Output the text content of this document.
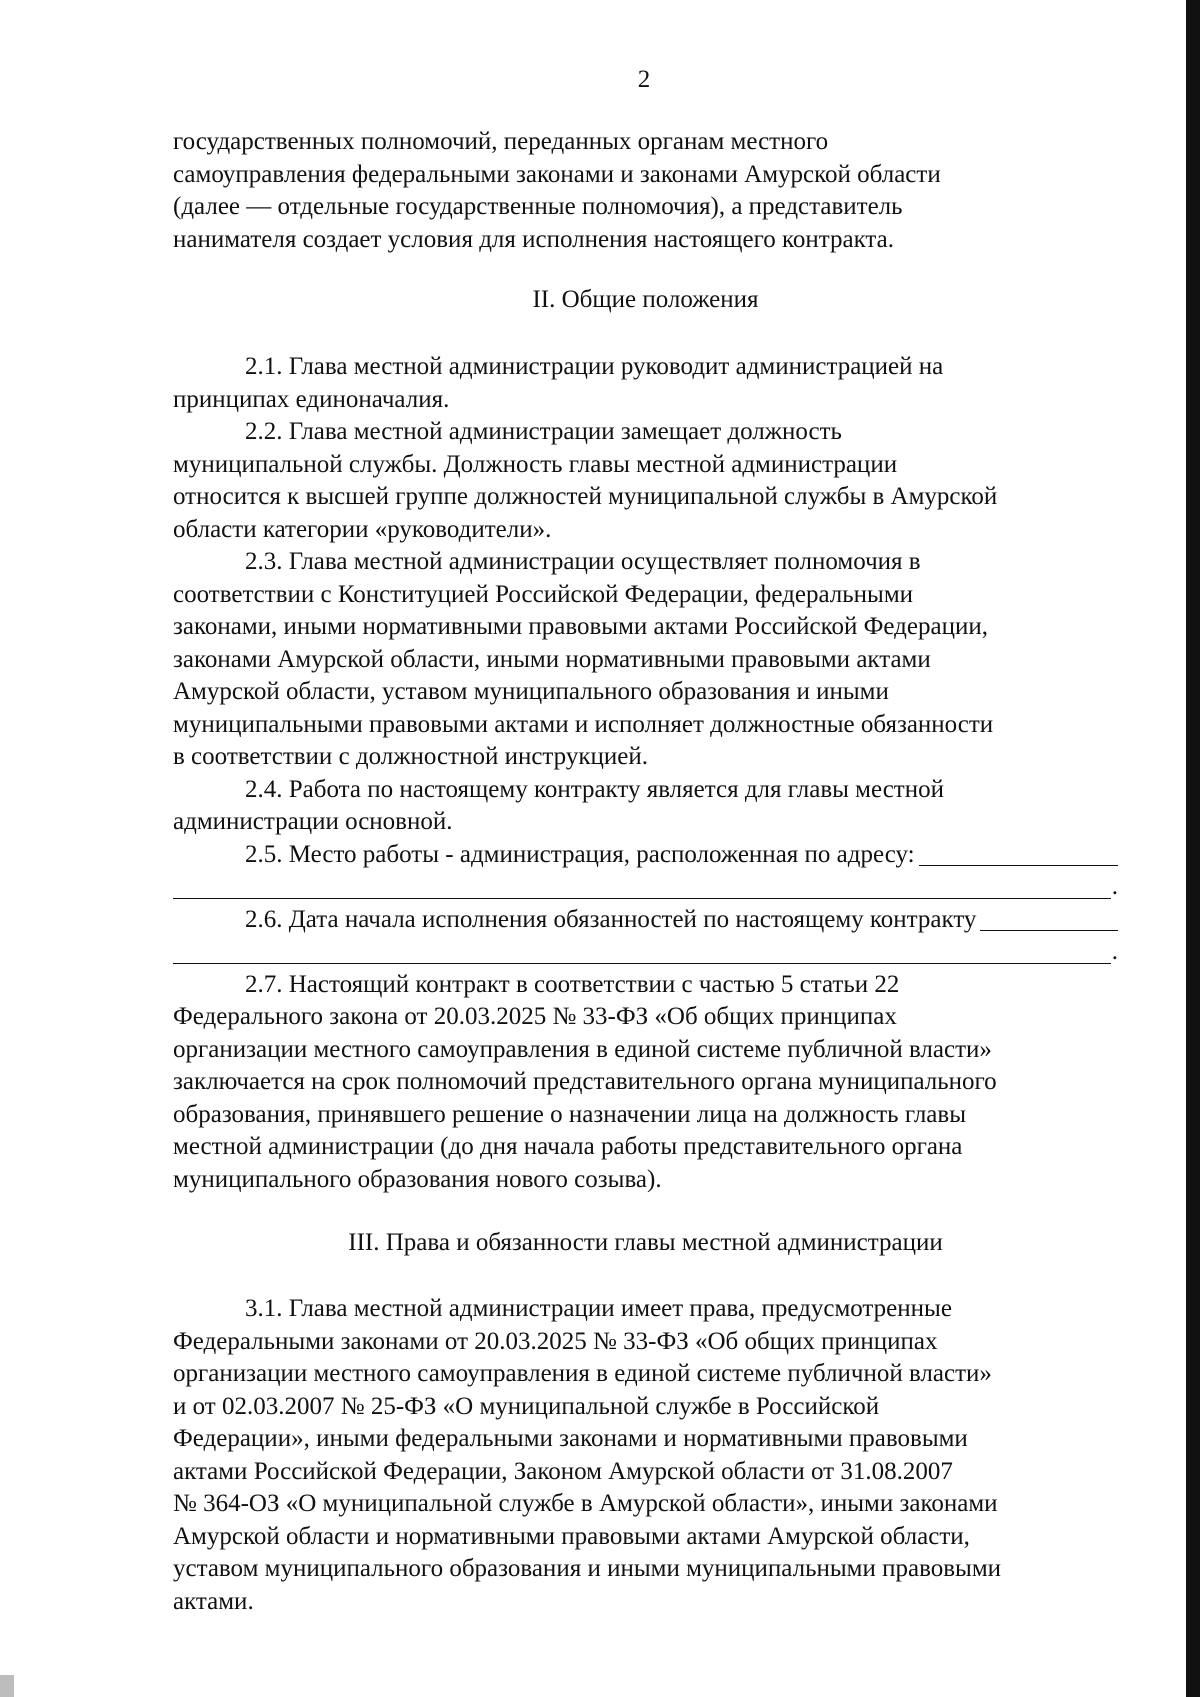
2

государственных полномочий, переданных органам местного

самоуправления федеральными законами и законами Амурской области

(далее — отдельные государственные полномочия), а представитель

нанимателя создает условия для исполнения настоящего контракта.

II. Общие положения

2.1. Глава местной администрации руководит администрацией на

принципах единоначалия.

2.2. Глава местной администрации замещает должность

муниципальной службы. Должность главы местной администрации

относится к высшей группе должностей муниципальной службы в Амурской

области категории «руководители».

2.3. Глава местной администрации осуществляет полномочия в

соответствии с Конституцией Российской Федерации, федеральными

законами, иными нормативными правовыми актами Российской Федерации,

законами Амурской области, иными нормативными правовыми актами

Амурской области, уставом муниципального образования и иными

муниципальными правовыми актами и исполняет должностные обязанности

в соответствии с должностной инструкцией.

2.4. Работа по настоящему контракту является для главы местной

администрации основной.

2.5. Место работы - администрация, расположенная по адресу:
.
2.6. Дата начала исполнения обязанностей по настоящему контракту
.

2.7. Настоящий контракт в соответствии с частью 5 статьи 22

Федерального закона от 20.03.2025 № 33-ФЗ «Об общих принципах

организации местного самоуправления в единой системе публичной власти»

заключается на срок полномочий представительного органа муниципального

образования, принявшего решение о назначении лица на должность главы

местной администрации (до дня начала работы представительного органа

муниципального образования нового созыва).

III. Права и обязанности главы местной администрации

3.1. Глава местной администрации имеет права, предусмотренные

Федеральными законами от 20.03.2025 № 33-ФЗ «Об общих принципах

организации местного самоуправления в единой системе публичной власти»

и от 02.03.2007 № 25-ФЗ «О муниципальной службе в Российской

Федерации», иными федеральными законами и нормативными правовыми

актами Российской Федерации, Законом Амурской области от 31.08.2007

№ 364-ОЗ «О муниципальной службе в Амурской области», иными законами

Амурской области и нормативными правовыми актами Амурской области,

уставом муниципального образования и иными муниципальными правовыми

актами.
